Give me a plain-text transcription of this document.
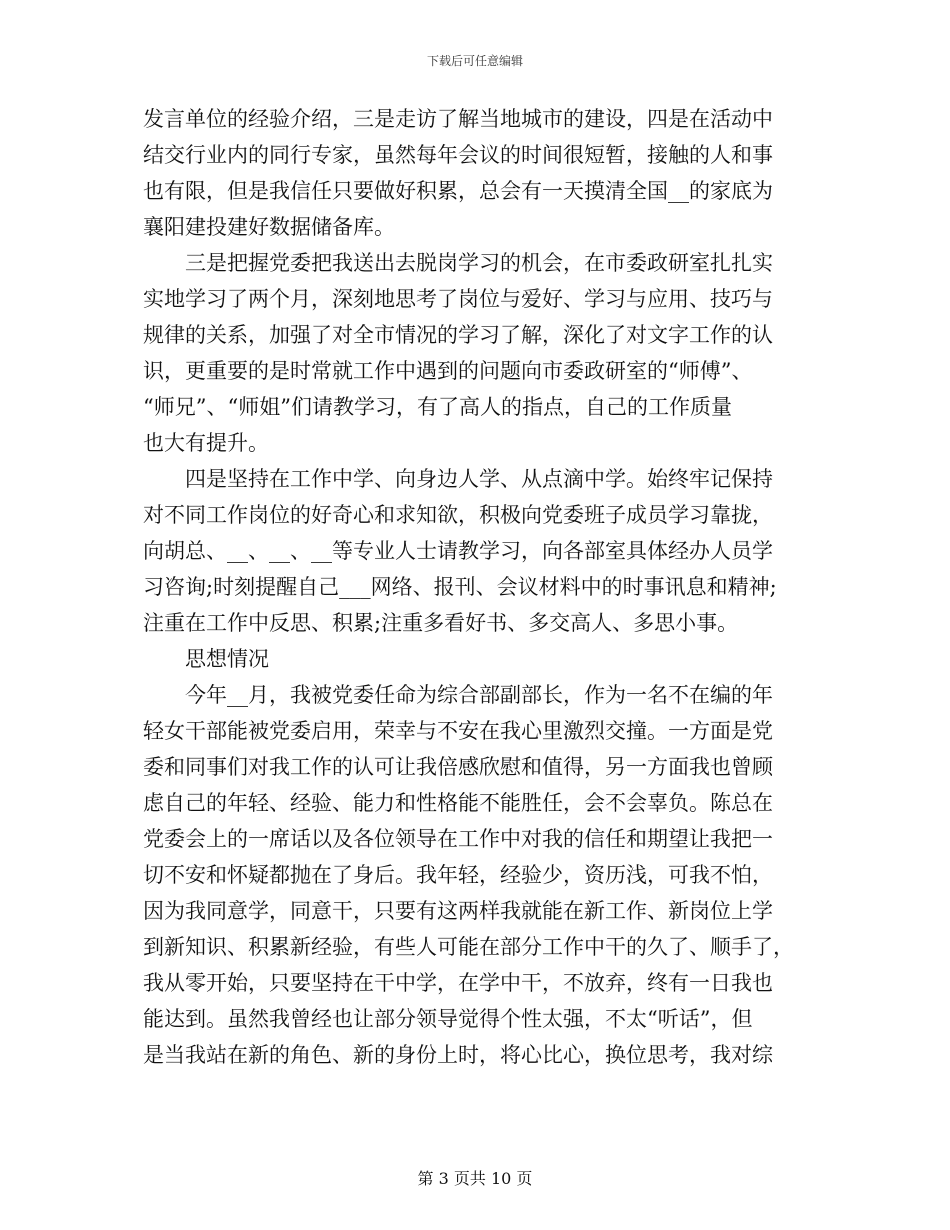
下载后可任意编辑
发言单位的经验介绍，三是走访了解当地城市的建设，四是在活动中
结交行业内的同行专家，虽然每年会议的时间很短暂，接触的人和事
也有限，但是我信任只要做好积累，总会有一天摸清全国__的家底为
襄阳建投建好数据储备库。
三是把握党委把我送出去脱岗学习的机会，在市委政研室扎扎实
实地学习了两个月，深刻地思考了岗位与爱好、学习与应用、技巧与
规律的关系，加强了对全市情况的学习了解，深化了对文字工作的认
识，更重要的是时常就工作中遇到的问题向市委政研室的“师傅”、
“师兄”、“师姐”们请教学习，有了高人的指点，自己的工作质量
也大有提升。
四是坚持在工作中学、向身边人学、从点滴中学。始终牢记保持
对不同工作岗位的好奇心和求知欲，积极向党委班子成员学习靠拢，
向胡总、__、__、__等专业人士请教学习，向各部室具体经办人员学
习咨询;时刻提醒自己___网络、报刊、会议材料中的时事讯息和精神;
注重在工作中反思、积累;注重多看好书、多交高人、多思小事。
思想情况
今年__月，我被党委任命为综合部副部长，作为一名不在编的年
轻女干部能被党委启用，荣幸与不安在我心里激烈交撞。一方面是党
委和同事们对我工作的认可让我倍感欣慰和值得，另一方面我也曾顾
虑自己的年轻、经验、能力和性格能不能胜任，会不会辜负。陈总在
党委会上的一席话以及各位领导在工作中对我的信任和期望让我把一
切不安和怀疑都抛在了身后。我年轻，经验少，资历浅，可我不怕，
因为我同意学，同意干，只要有这两样我就能在新工作、新岗位上学
到新知识、积累新经验，有些人可能在部分工作中干的久了、顺手了，
我从零开始，只要坚持在干中学，在学中干，不放弃，终有一日我也
能达到。虽然我曾经也让部分领导觉得个性太强，不太“听话”，但
是当我站在新的角色、新的身份上时，将心比心，换位思考，我对综
第 3 页共 10 页
